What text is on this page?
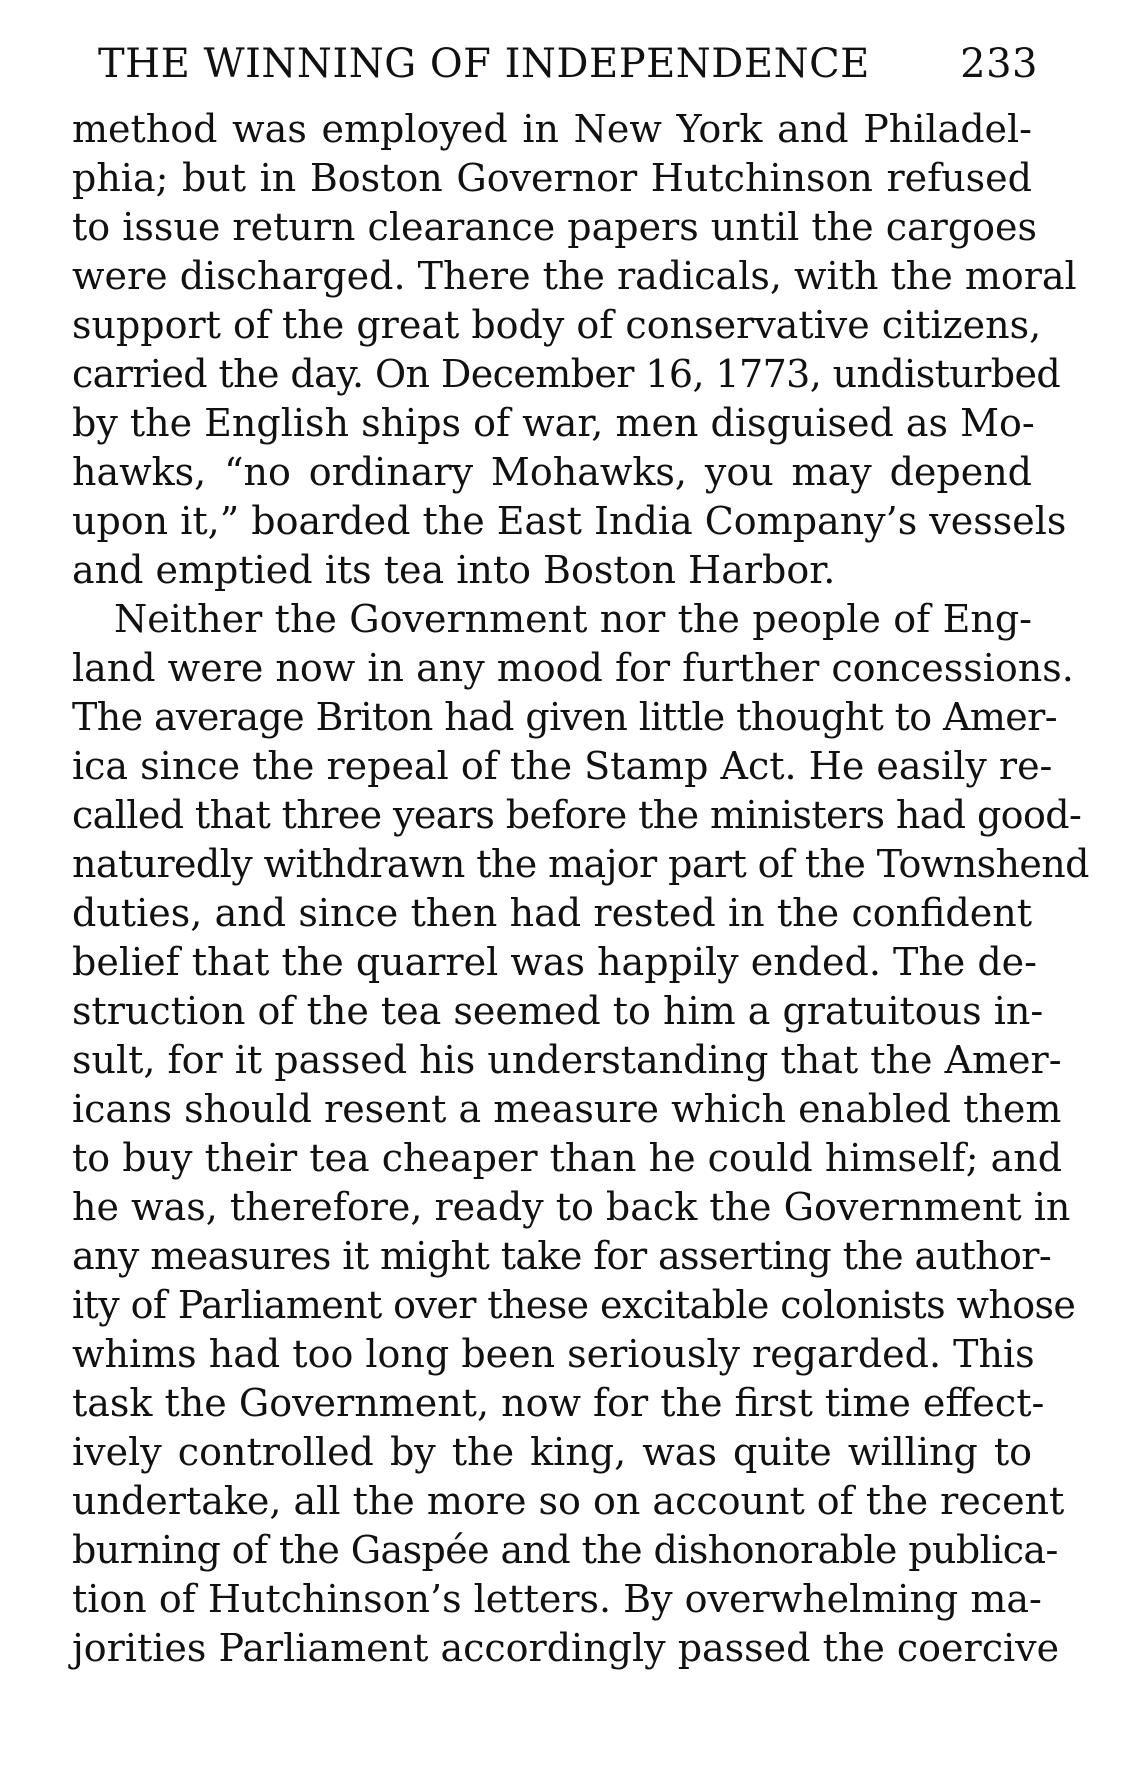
THE WINNING OF INDEPENDENCE 233
method was employed in New York and Philadel-
phia; but in Boston Governor Hutchinson refused
to issue return clearance papers until the cargoes
were discharged. There the radicals, with the moral
support of the great body of conservative citizens,
carried the day. On December 16, 1773, undisturbed
by the English ships of war, men disguised as Mo-
hawks, “no ordinary Mohawks, you may depend
upon it,” boarded the East India Company’s vessels
and emptied its tea into Boston Harbor.
Neither the Government nor the people of Eng-
land were now in any mood for further concessions.
The average Briton had given little thought to Amer-
ica since the repeal of the Stamp Act. He easily re-
called that three years before the ministers had good-
naturedly withdrawn the major part of the Townshend
duties, and since then had rested in the confident
belief that the quarrel was happily ended. The de-
struction of the tea seemed to him a gratuitous in-
sult, for it passed his understanding that the Amer-
icans should resent a measure which enabled them
to buy their tea cheaper than he could himself; and
he was, therefore, ready to back the Government in
any measures it might take for asserting the author-
ity of Parliament over these excitable colonists whose
whims had too long been seriously regarded. This
task the Government, now for the first time effect-
ively controlled by the king, was quite willing to
undertake, all the more so on account of the recent
burning of the Gaspée and the dishonorable publica-
tion of Hutchinson’s letters. By overwhelming ma-
jorities Parliament accordingly passed the coercive
